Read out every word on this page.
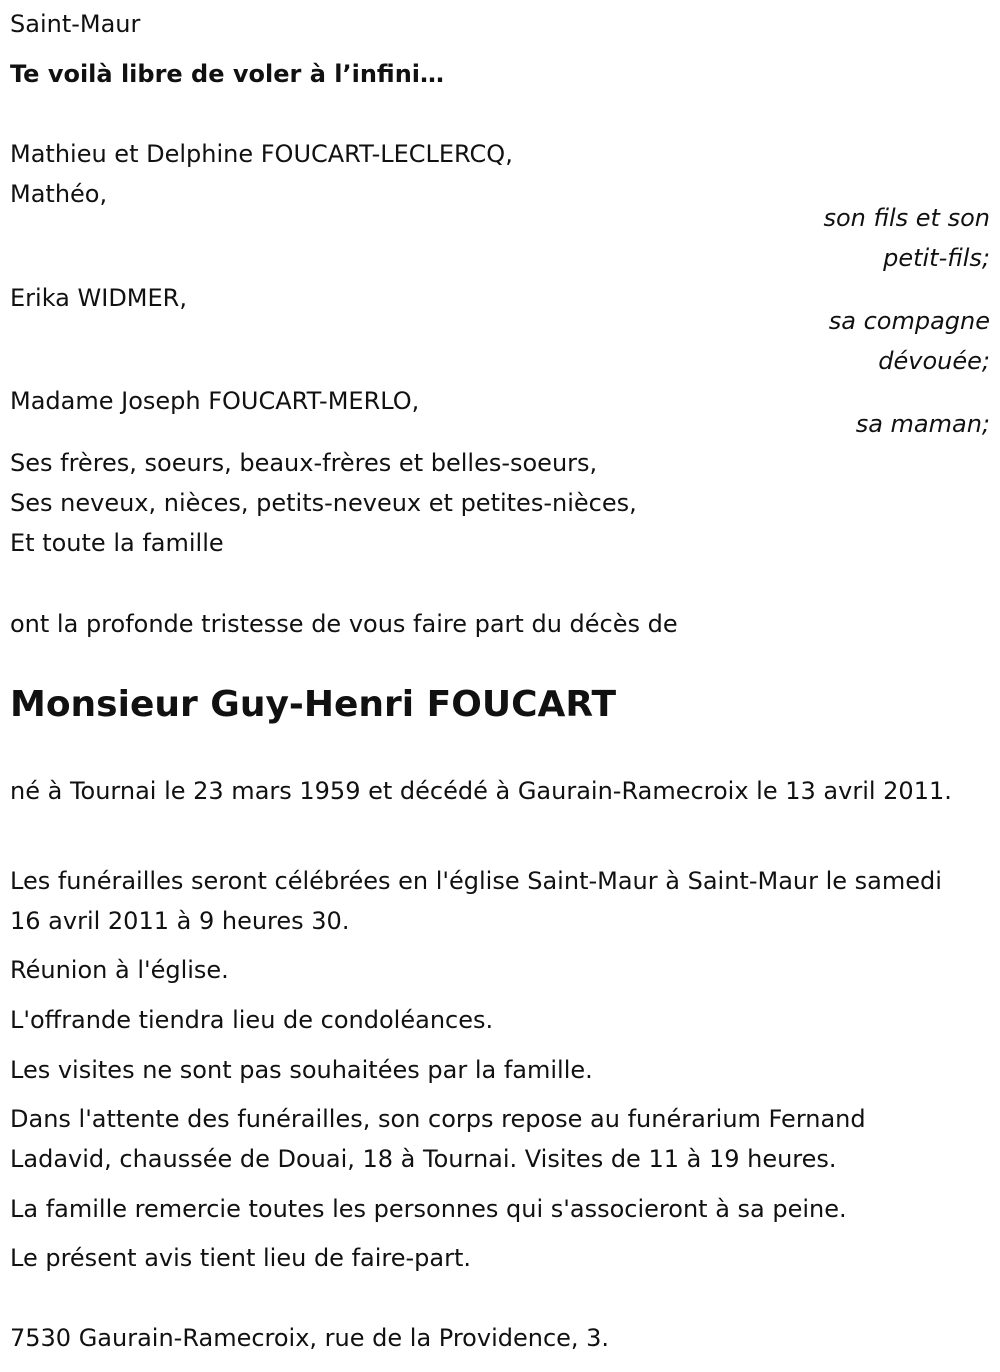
Saint-Maur
Te voilà libre de voler à l’infini…
Mathieu et Delphine FOUCART-LECLERCQ,
Mathéo,
son fils et son
petit-fils;
Erika WIDMER,
sa compagne
dévouée;
Madame Joseph FOUCART-MERLO,
sa maman;
Ses frères, soeurs, beaux-frères et belles-soeurs,
Ses neveux, nièces, petits-neveux et petites-nièces,
Et toute la famille
ont la profonde tristesse de vous faire part du décès de
Monsieur Guy-Henri FOUCART
né à Tournai le 23 mars 1959 et décédé à Gaurain-Ramecroix le 13 avril 2011.
Les funérailles seront célébrées en l'église Saint-Maur à Saint-Maur le samedi 16 avril 2011 à 9 heures 30.
Réunion à l'église.
L'offrande tiendra lieu de condoléances.
Les visites ne sont pas souhaitées par la famille.
Dans l'attente des funérailles, son corps repose au funérarium Fernand Ladavid, chaussée de Douai, 18 à Tournai. Visites de 11 à 19 heures.
La famille remercie toutes les personnes qui s'associeront à sa peine.
Le présent avis tient lieu de faire-part.
7530 Gaurain-Ramecroix, rue de la Providence, 3.
